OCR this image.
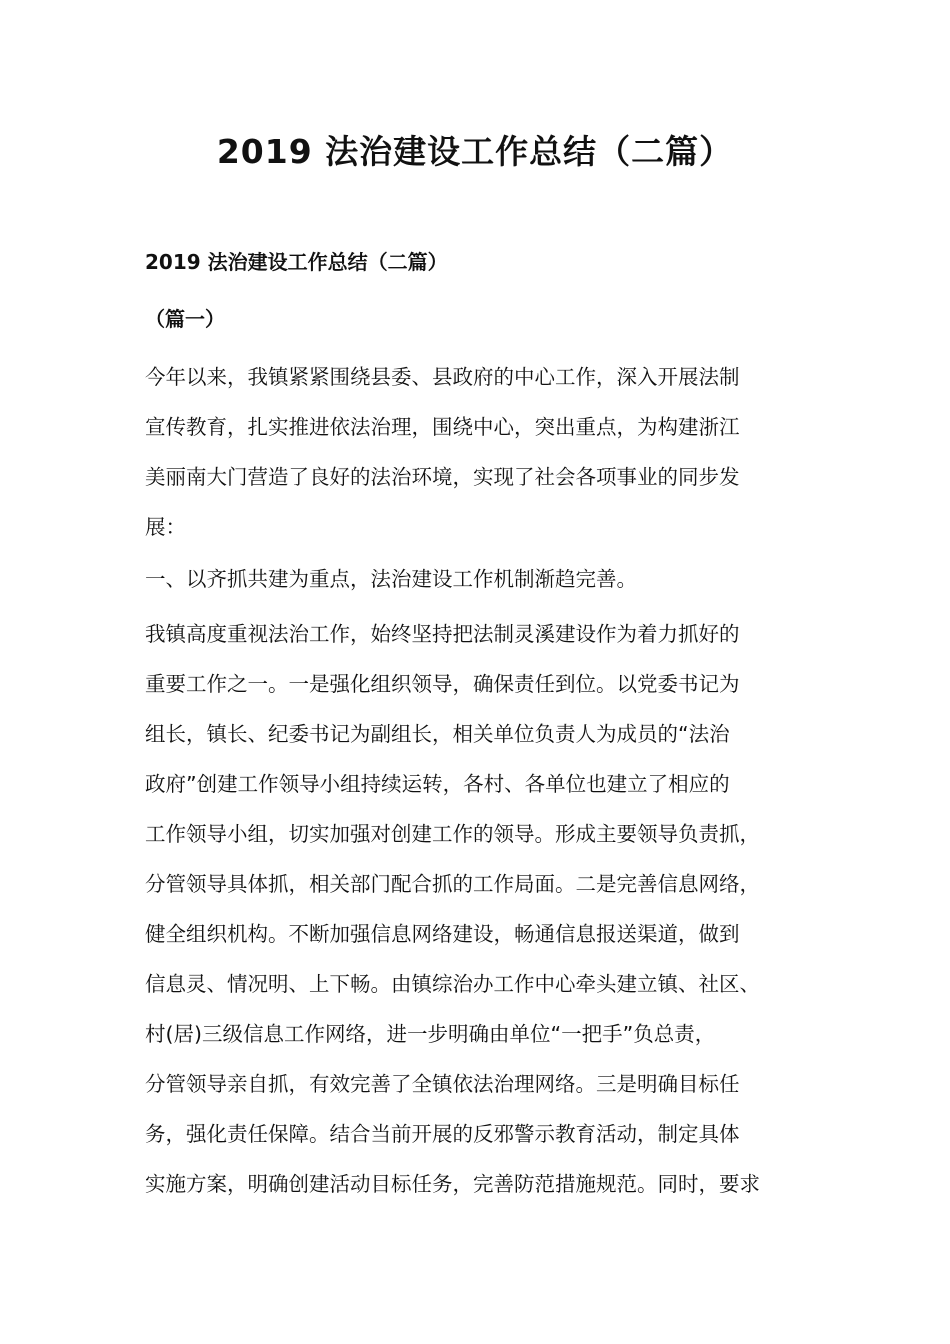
2019 法治建设工作总结（二篇）
2019 法治建设工作总结（二篇）
（篇一）
今年以来，我镇紧紧围绕县委、县政府的中心工作，深入开展法制
宣传教育，扎实推进依法治理，围绕中心，突出重点，为构建浙江
美丽南大门营造了良好的法治环境，实现了社会各项事业的同步发
展：
一、以齐抓共建为重点，法治建设工作机制渐趋完善。
我镇高度重视法治工作，始终坚持把法制灵溪建设作为着力抓好的
重要工作之一。一是强化组织领导，确保责任到位。以党委书记为
组长，镇长、纪委书记为副组长，相关单位负责人为成员的“法治
政府”创建工作领导小组持续运转，各村、各单位也建立了相应的
工作领导小组，切实加强对创建工作的领导。形成主要领导负责抓，
分管领导具体抓，相关部门配合抓的工作局面。二是完善信息网络，
健全组织机构。不断加强信息网络建设，畅通信息报送渠道，做到
信息灵、情况明、上下畅。由镇综治办工作中心牵头建立镇、社区、
村(居)三级信息工作网络，进一步明确由单位“一把手”负总责，
分管领导亲自抓，有效完善了全镇依法治理网络。三是明确目标任
务，强化责任保障。结合当前开展的反邪警示教育活动，制定具体
实施方案，明确创建活动目标任务，完善防范措施规范。同时，要求
